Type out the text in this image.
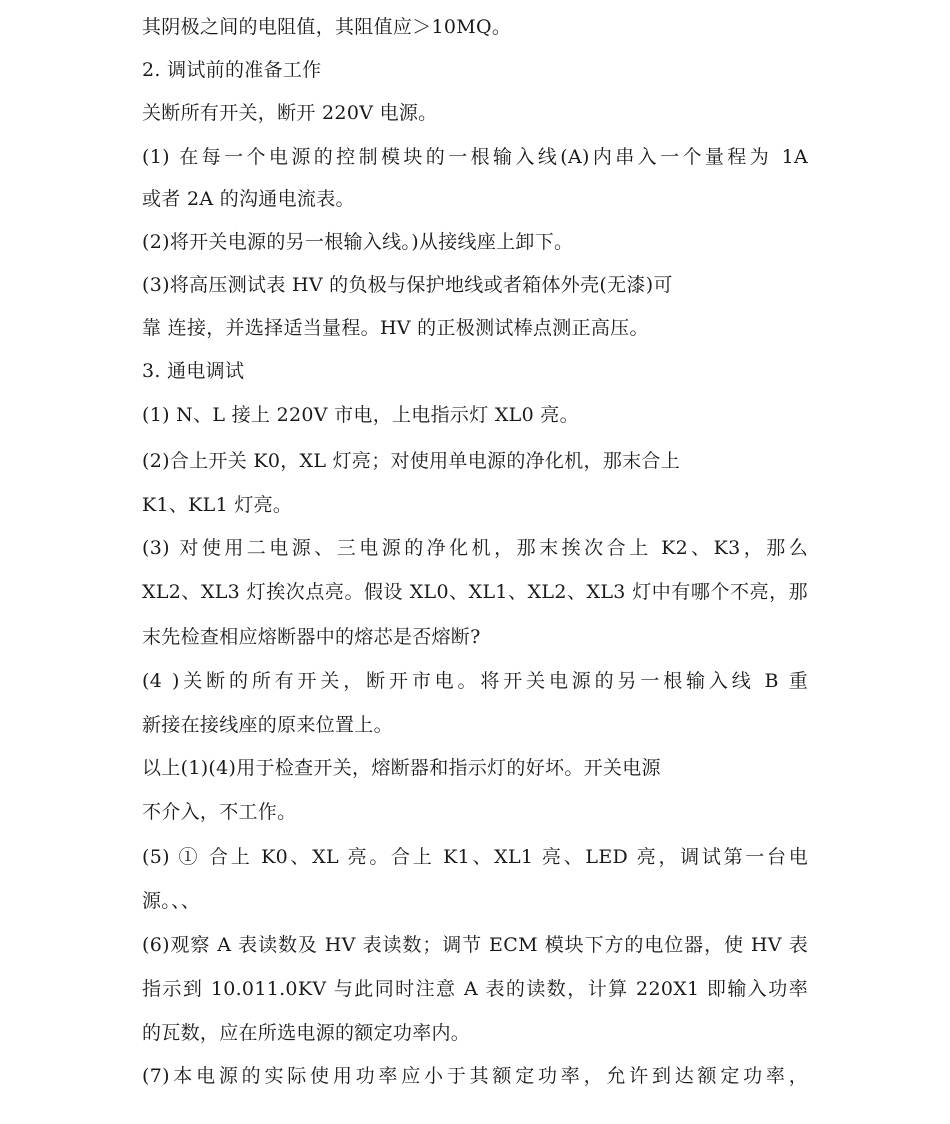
其阴极之间的电阻值，其阻值应＞10MQ。
2. 调试前的准备工作
关断所有开关，断开 220V 电源。
(1) 在每一个电源的控制模块的一根输入线(A)内串入一个量程为 1A
或者 2A 的沟通电流表。
(2)将开关电源的另一根输入线。)从接线座上卸下。
(3)将高压测试表 HV 的负极与保护地线或者箱体外壳(无漆)可
靠 连接，并选择适当量程。HV 的正极测试棒点测正高压。
3. 通电调试
(1) N、L 接上 220V 市电，上电指示灯 XL0 亮。
(2)合上开关 K0，XL 灯亮；对使用单电源的净化机，那末合上
K1、KL1 灯亮。
(3) 对使用二电源、三电源的净化机，那末挨次合上 K2、K3，那么
XL2、XL3 灯挨次点亮。假设 XL0、XL1、XL2、XL3 灯中有哪个不亮，那
末先检查相应熔断器中的熔芯是否熔断?
(4 )关断的所有开关，断开市电。将开关电源的另一根输入线 B 重
新接在接线座的原来位置上。
以上(1)(4)用于检查开关，熔断器和指示灯的好坏。开关电源
不介入，不工作。
(5) ① 合上 K0、XL 亮。合上 K1、XL1 亮、LED 亮，调试第一台电
源。、、
(6)观察 A 表读数及 HV 表读数；调节 ECM 模块下方的电位器，使 HV 表
指示到 10.011.0KV 与此同时注意 A 表的读数，计算 220X1 即输入功率
的瓦数，应在所选电源的额定功率内。
(7)本电源的实际使用功率应小于其额定功率，允许到达额定功率，
